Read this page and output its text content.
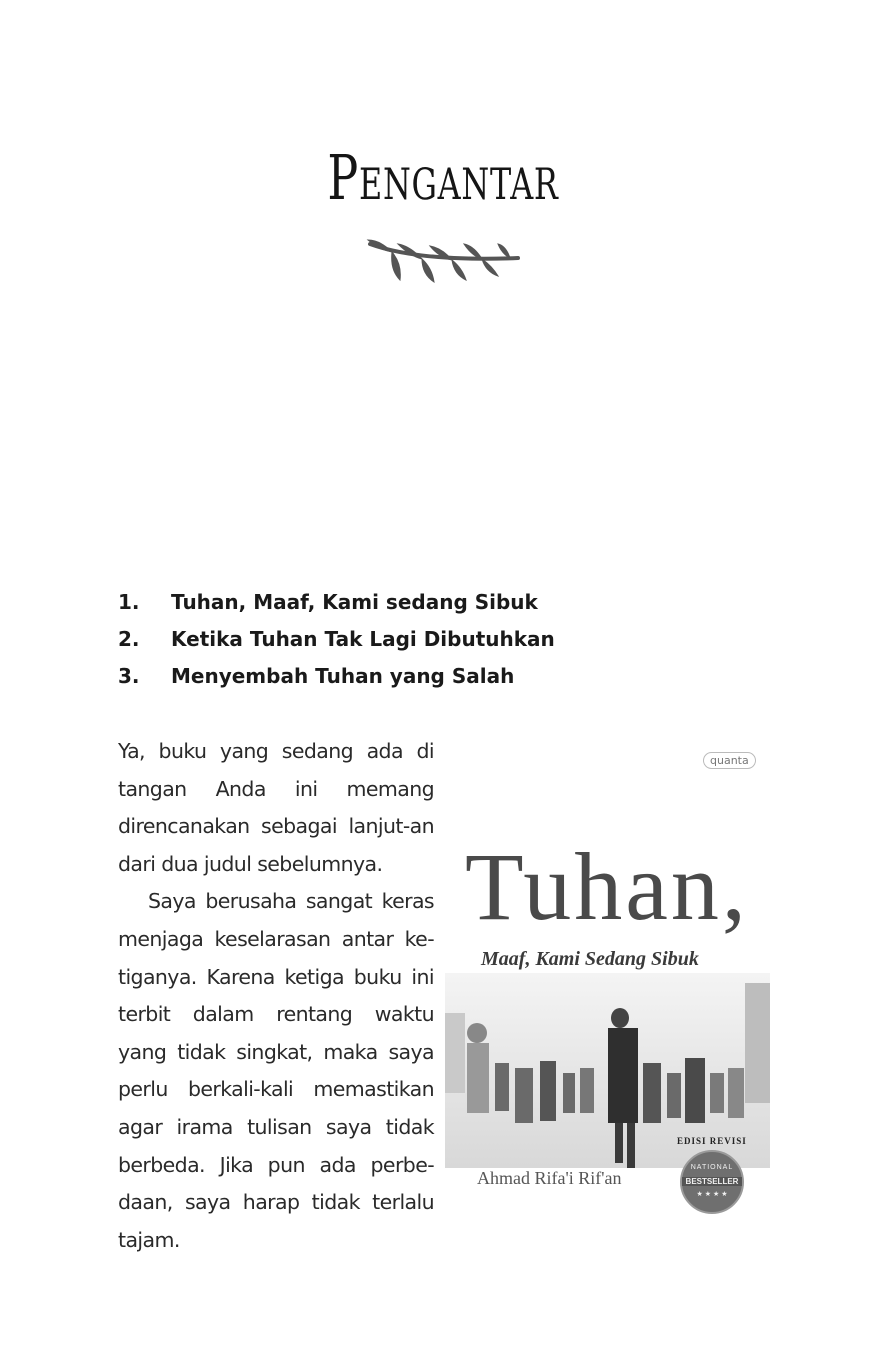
Pengantar
1.	Tuhan, Maaf, Kami sedang Sibuk
2.	Ketika Tuhan Tak Lagi Dibutuhkan
3.	Menyembah Tuhan yang Salah

Ya, buku yang sedang ada di tangan Anda ini memang direncanakan sebagai lanjut-an dari dua judul sebelumnya.

Saya berusaha sangat keras menjaga keselarasan antar ke-tiganya. Karena ketiga buku ini terbit dalam rentang waktu yang tidak singkat, maka saya perlu berkali-kali memastikan agar irama tulisan saya tidak berbeda. Jika pun ada perbe-daan, saya harap tidak terlalu tajam.

quanta
Tuhan,
Maaf, Kami Sedang Sibuk
EDISI REVISI
Ahmad Rifa'i Rif'an
NATIONAL
BESTSELLER
★ ★ ★ ★
